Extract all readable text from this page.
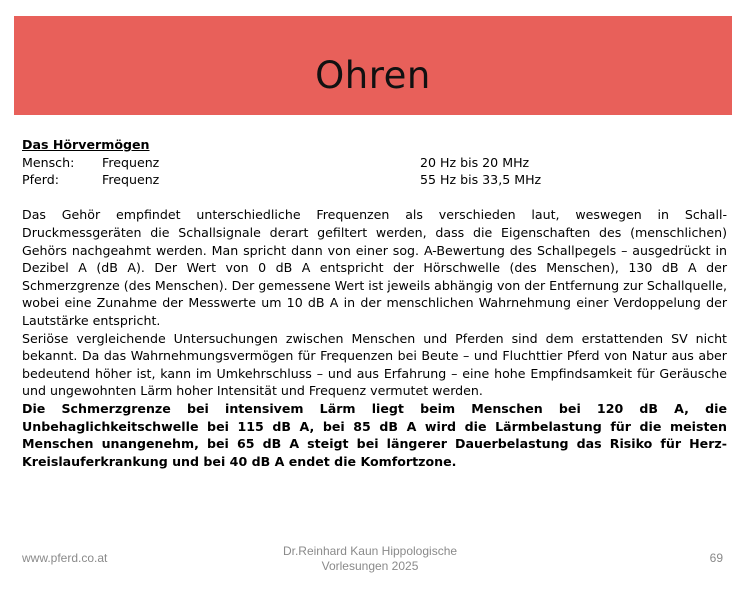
Ohren
Das Hörvermögen
Mensch: Frequenz	20 Hz bis 20 MHz
Pferd:	Frequenz	55 Hz bis 33,5 MHz

Das Gehör empfindet unterschiedliche Frequenzen als verschieden laut, weswegen in Schall-Druckmessgeräten die Schallsignale derart gefiltert werden, dass die Eigenschaften des (menschlichen) Gehörs nachgeahmt werden. Man spricht dann von einer sog. A-Bewertung des Schallpegels – ausgedrückt in Dezibel A (dB A). Der Wert von 0 dB A entspricht der Hörschwelle (des Menschen), 130 dB A der Schmerzgrenze (des Menschen). Der gemessene Wert ist jeweils abhängig von der Entfernung zur Schallquelle, wobei eine Zunahme der Messwerte um 10 dB A in der menschlichen Wahrnehmung einer Verdoppelung der Lautstärke entspricht.

Seriöse vergleichende Untersuchungen zwischen Menschen und Pferden sind dem erstattenden SV nicht bekannt. Da das Wahrnehmungsvermögen für Frequenzen bei Beute – und Fluchttier Pferd von Natur aus aber bedeutend höher ist, kann im Umkehrschluss – und aus Erfahrung – eine hohe Empfindsamkeit für Geräusche und ungewohnten Lärm hoher Intensität und Frequenz vermutet werden.

Die Schmerzgrenze bei intensivem Lärm liegt beim Menschen bei 120 dB A, die Unbehaglichkeitschwelle bei 115 dB A, bei 85 dB A wird die Lärmbelastung für die meisten Menschen unangenehm, bei 65 dB A steigt bei längerer Dauerbelastung das Risiko für Herz-Kreislauferkrankung und bei 40 dB A endet die Komfortzone.

www.pferd.co.at	Dr.Reinhard Kaun Hippologische
Vorlesungen 2025
69
